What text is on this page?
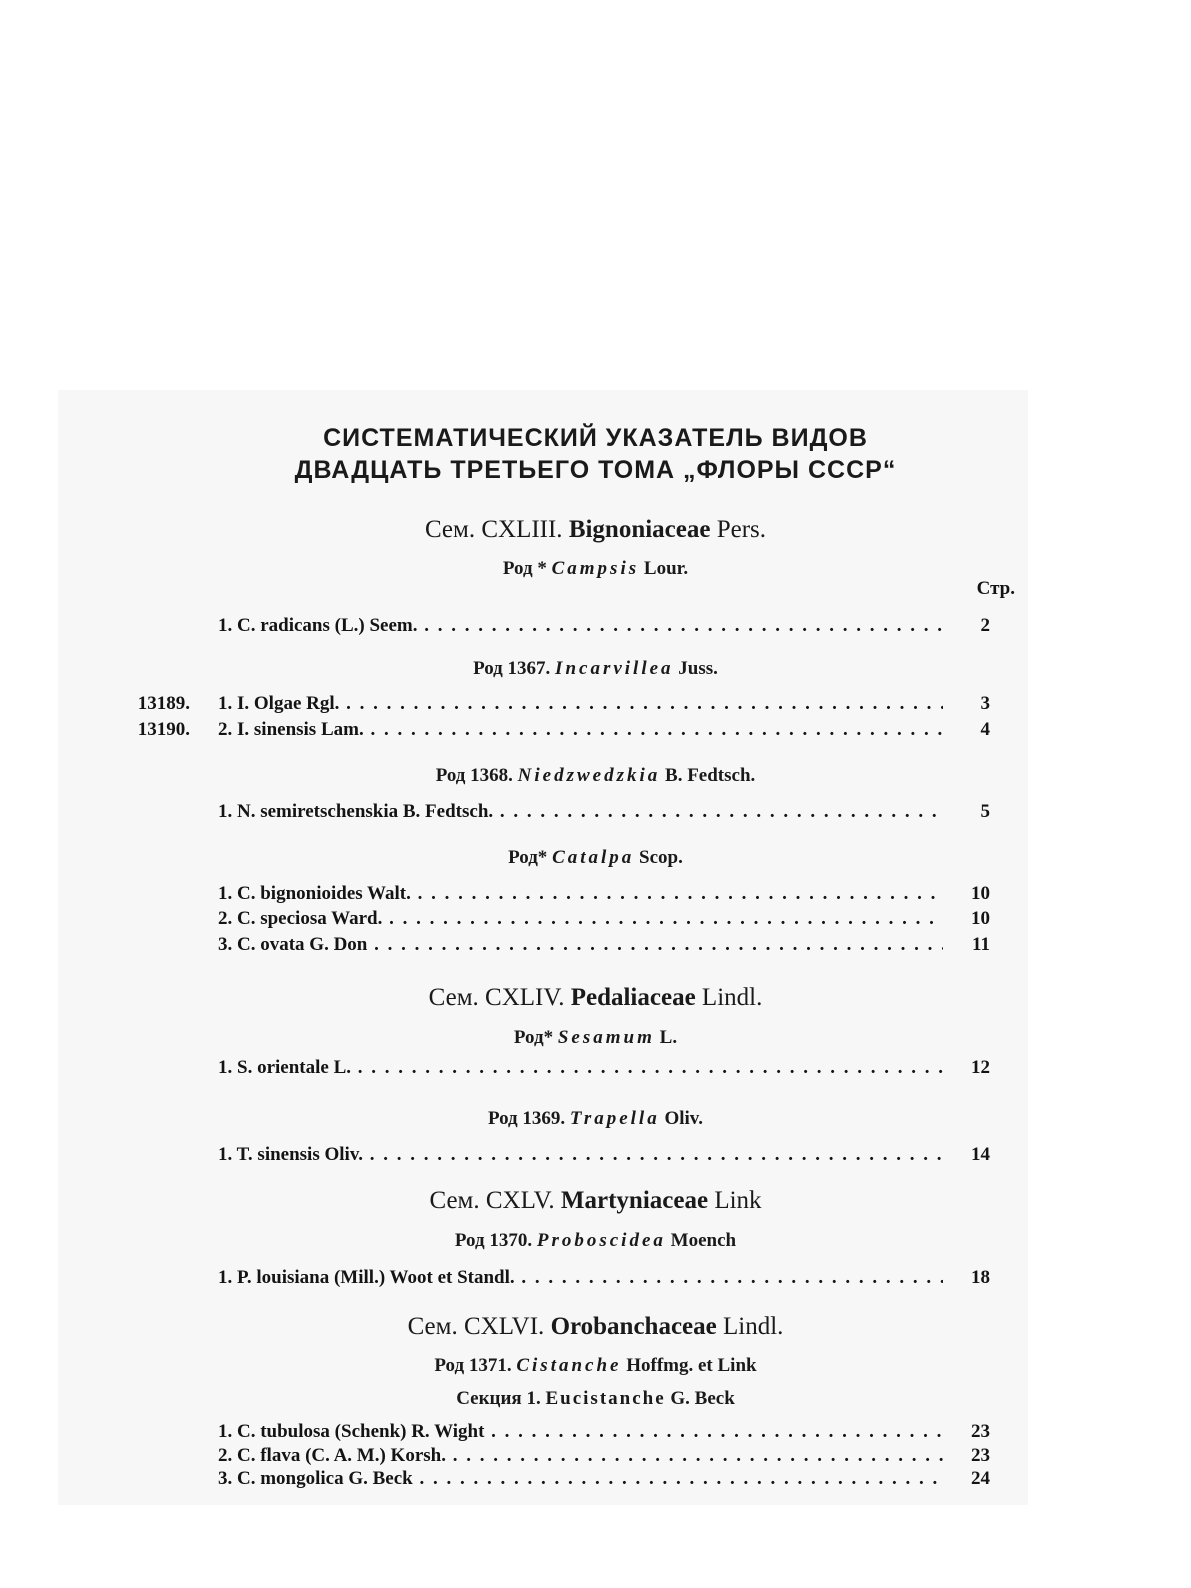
СИСТЕМАТИЧЕСКИЙ УКАЗАТЕЛЬ ВИДОВ
ДВАДЦАТЬ ТРЕТЬЕГО ТОМА „ФЛОРЫ СССР“
Сем. CXLIII. Bignoniaceae Pers.
Род * Campsis Lour.
Стр.
1. C. radicans (L.) Seem. . . .	2
Род 1367. Incarvillea Juss.
13189. 1. I. Olgae Rgl. . . .	3
13190. 2. I. sinensis Lam. . . .	4
Род 1368. Niedzwedzkia B. Fedtsch.
1. N. semiretschenskia B. Fedtsch. . . .	5
Род* Catalpa Scop.
1. C. bignonioides Walt. . . .	10
2. C. speciosa Ward. . . .	10
3. C. ovata G. Don . . .	11
Сем. CXLIV. Pedaliaceae Lindl.
Род* Sesamum L.
1. S. orientale L. . . .	12
Род 1369. Trapella Oliv.
1. T. sinensis Oliv. . . .	14
Сем. CXLV. Martyniaceae Link
Род 1370. Proboscidea Moench
1. P. louisiana (Mill.) Woot et Standl. . . .	18
Сем. CXLVI. Orobanchaceae Lindl.
Род 1371. Cistanche Hoffmg. et Link
Секция 1. Eucistanche G. Beck
1. C. tubulosa (Schenk) R. Wight . . .	23
2. C. flava (C. A. M.) Korsh. . . .	23
3. C. mongolica G. Beck . . .	24
